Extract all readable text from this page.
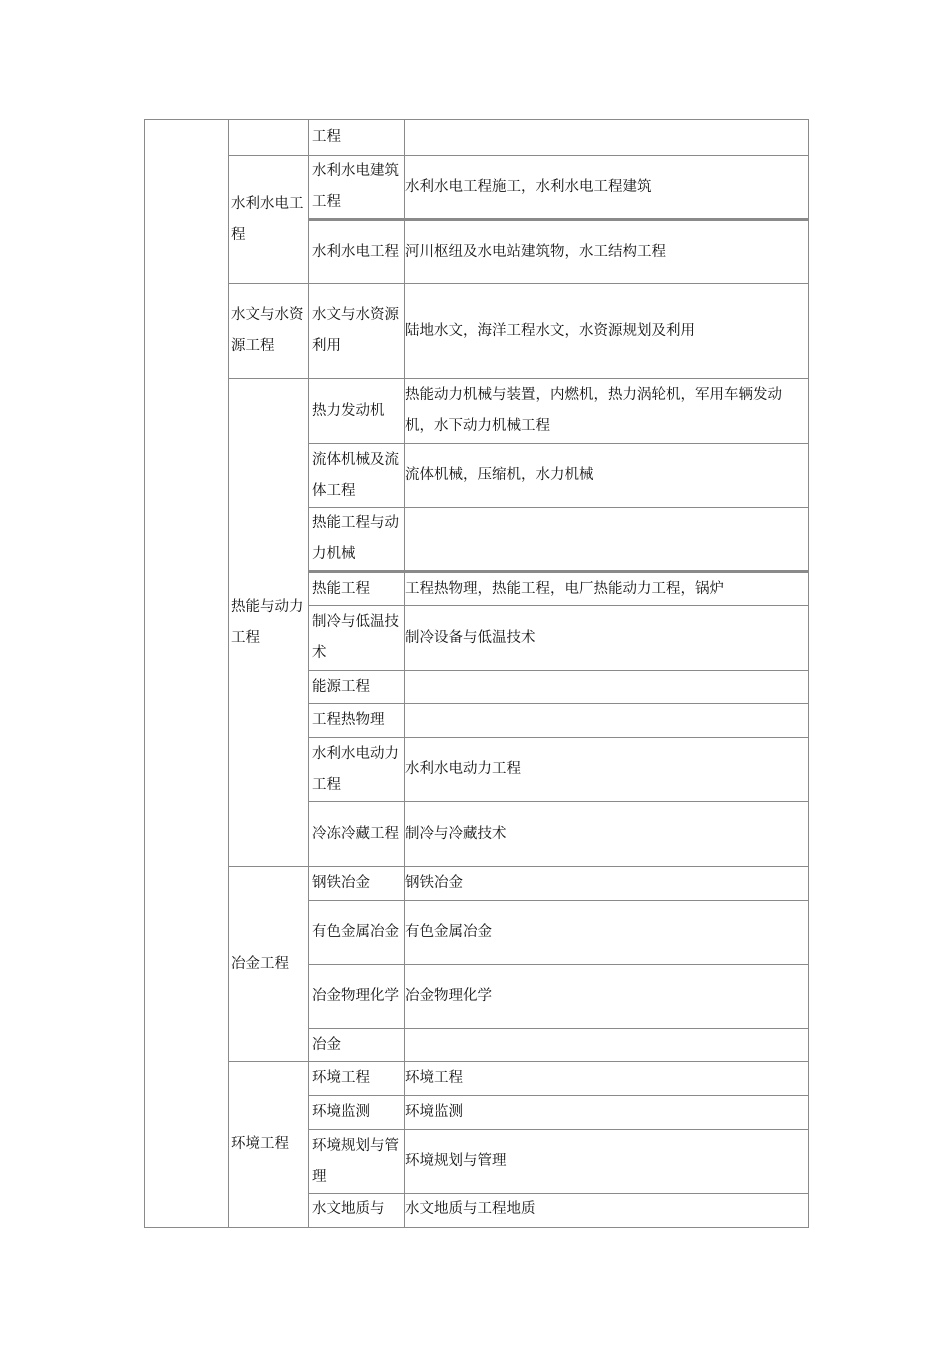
		工程	
	水利水电工程	水利水电建筑工程	水利水电工程施工，水利水电工程建筑
		水利水电工程	河川枢纽及水电站建筑物，水工结构工程
	水文与水资源工程	水文与水资源利用	陆地水文，海洋工程水文，水资源规划及利用
	热能与动力工程	热力发动机	热能动力机械与装置，内燃机，热力涡轮机，军用车辆发动机，水下动力机械工程
		流体机械及流体工程	流体机械，压缩机，水力机械
		热能工程与动力机械	
		热能工程	工程热物理，热能工程，电厂热能动力工程，锅炉
		制冷与低温技术	制冷设备与低温技术
		能源工程	
		工程热物理	
		水利水电动力工程	水利水电动力工程
		冷冻冷藏工程	制冷与冷藏技术
	冶金工程	钢铁冶金	钢铁冶金
		有色金属冶金	有色金属冶金
		冶金物理化学	冶金物理化学
		冶金	
	环境工程	环境工程	环境工程
		环境监测	环境监测
		环境规划与管理	环境规划与管理
		水文地质与	水文地质与工程地质
